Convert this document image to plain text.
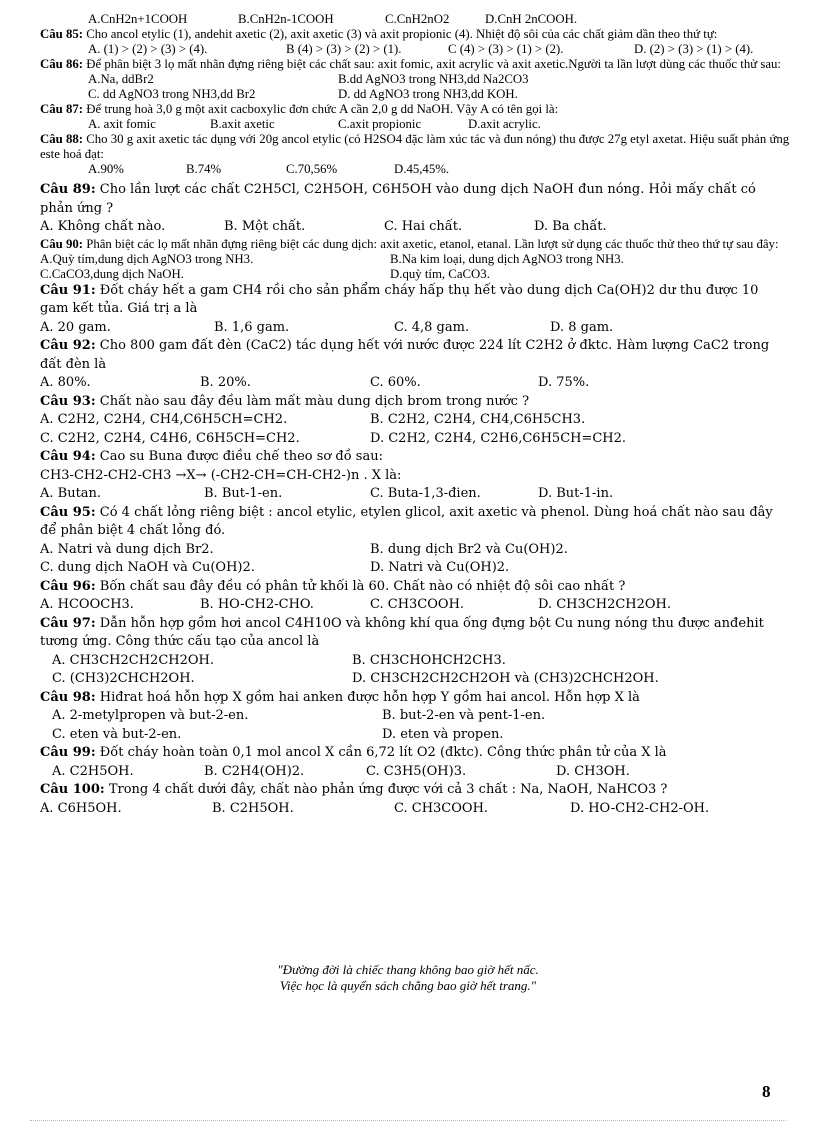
A.CnH2n+1COOH	B.CnH2n-1COOH	C.CnH2nO2	D.CnH 2nCOOH.

Câu 85: Cho ancol etylic (1), andehit axetic (2), axit axetic (3) và axit propionic (4). Nhiệt độ sôi của các chất giảm dần theo thứ tự:

A. (1) > (2) > (3) > (4).	B (4) > (3) > (2) > (1).	C (4) > (3) > (1) > (2).	D. (2) > (3) > (1) > (4).

Câu 86: Để phân biệt 3 lọ mất nhãn đựng riêng biệt các chất sau: axit fomic, axit acrylic và axit axetic.Người ta lần lượt dùng các thuốc thử sau:

A.Na, ddBr2	B.dd AgNO3 trong NH3,dd Na2CO3
C. dd AgNO3 trong NH3,dd Br2	D. dd AgNO3 trong NH3,dd KOH.

Câu 87: Để trung hoà 3,0 g một axit cacboxylic đơn chức A cần 2,0 g dd NaOH. Vậy A có tên gọi là:

A. axit fomic	B.axit axetic	C.axit propionic	D.axit acrylic.

Câu 88: Cho 30 g axit axetic tác dụng với 20g ancol etylic (có H2SO4 đặc làm xúc tác và đun nóng) thu được 27g etyl axetat. Hiệu suất phản ứng este hoá đạt:

A.90%	B.74%	C.70,56%	D.45,45%.

Câu 89: Cho lần lượt các chất C2H5Cl, C2H5OH, C6H5OH vào dung dịch NaOH đun nóng. Hỏi mấy chất có phản ứng ?

A. Không chất nào.	B. Một chất.	C. Hai chất.	D. Ba chất.

Câu 90: Phân biệt các lọ mất nhãn đựng riêng biệt các dung dịch: axit axetic, etanol, etanal. Lần lượt sử dụng các thuốc thử theo thứ tự sau đây:

A.Quỳ tím,dung dịch AgNO3 trong NH3.	B.Na kim loại, dung dịch AgNO3 trong NH3.
C.CaCO3,dung dịch NaOH.	D.quỳ tím, CaCO3.

Câu 91: Đốt cháy hết a gam CH4 rồi cho sản phẩm cháy hấp thụ hết vào dung dịch Ca(OH)2 dư thu được 10 gam kết tủa. Giá trị a là

A. 20 gam.	B. 1,6 gam.	C. 4,8 gam.	D. 8 gam.

Câu 92: Cho 800 gam đất đèn (CaC2) tác dụng hết với nước được 224 lít C2H2 ở đktc. Hàm lượng CaC2 trong đất đèn là

A. 80%.	B. 20%.	C. 60%.	D. 75%.

Câu 93: Chất nào sau đây đều làm mất màu dung dịch brom trong nước ?

A. C2H2, C2H4, CH4,C6H5CH=CH2.	B. C2H2, C2H4, CH4,C6H5CH3.
C. C2H2, C2H4, C4H6, C6H5CH=CH2.	D. C2H2, C2H4, C2H6,C6H5CH=CH2.

Câu 94: Cao su Buna được điều chế theo sơ đồ sau:

CH3-CH2-CH2-CH3 →X→ (-CH2-CH=CH-CH2-)n . X là:

A. Butan.	B. But-1-en.	C. Buta-1,3-đien.	D. But-1-in.

Câu 95: Có 4 chất lỏng riêng biệt : ancol etylic, etylen glicol, axit axetic và phenol. Dùng hoá chất nào sau đây để phân biệt 4 chất lỏng đó.

A. Natri và dung dịch Br2.	B. dung dịch Br2 và Cu(OH)2.
C. dung dịch NaOH và Cu(OH)2.	D. Natri và Cu(OH)2.

Câu 96: Bốn chất sau đây đều có phân tử khối là 60. Chất nào có nhiệt độ sôi cao nhất ?

A. HCOOCH3.	B. HO-CH2-CHO.	C. CH3COOH.	D. CH3CH2CH2OH.

Câu 97: Dẫn hỗn hợp gồm hơi ancol C4H10O và không khí qua ống đựng bột Cu nung nóng thu được anđehit tương ứng. Công thức cấu tạo của ancol là

A. CH3CH2CH2CH2OH.	B. CH3CHOHCH2CH3.
C. (CH3)2CHCH2OH.	D. CH3CH2CH2CH2OH và (CH3)2CHCH2OH.

Câu 98: Hiđrat hoá hỗn hợp X gồm hai anken được hỗn hợp Y gồm hai ancol. Hỗn hợp X là

A. 2-metylpropen và but-2-en.	B. but-2-en và pent-1-en.
C. eten và but-2-en.	D. eten và propen.

Câu 99: Đốt cháy hoàn toàn 0,1 mol ancol X cần 6,72 lít O2 (đktc). Công thức phân tử của X là

A. C2H5OH.	B. C2H4(OH)2.	C. C3H5(OH)3.	D. CH3OH.

Câu 100: Trong 4 chất dưới đây, chất nào phản ứng được với cả 3 chất : Na, NaOH, NaHCO3 ?

A. C6H5OH.	B. C2H5OH.	C. CH3COOH.	D. HO-CH2-CH2-OH.
"Đường đời là chiếc thang không bao giờ hết nấc.
Việc học là quyển sách chẳng bao giờ hết trang."
8
